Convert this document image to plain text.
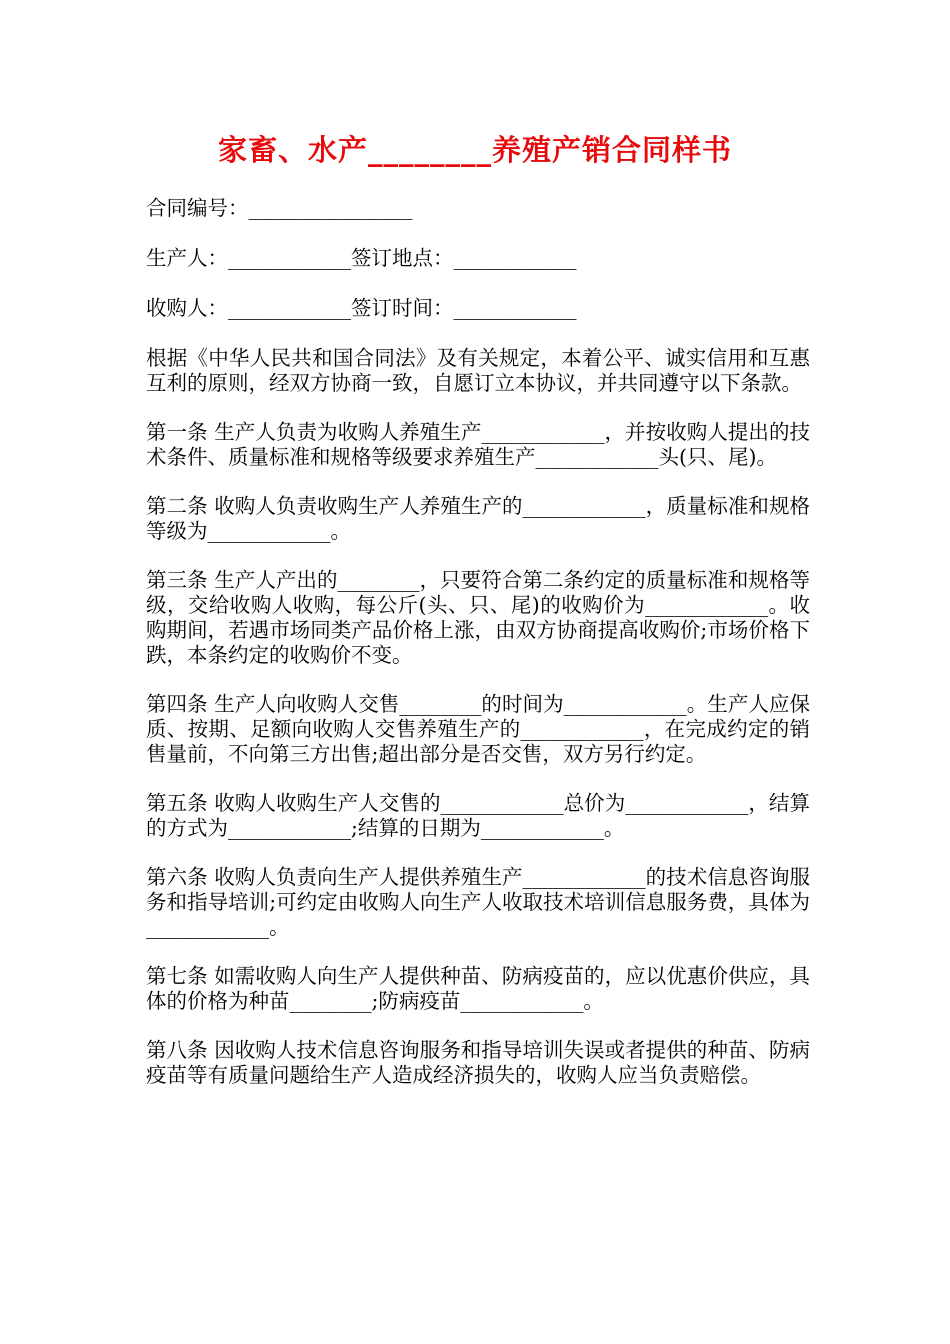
家畜、水产________养殖产销合同样书

合同编号：________________

生产人：____________签订地点：____________

收购人：____________签订时间：____________

根据《中华人民共和国合同法》及有关规定，本着公平、诚实信用和互惠互利的原则，经双方协商一致，自愿订立本协议，并共同遵守以下条款。

第一条 生产人负责为收购人养殖生产____________，并按收购人提出的技术条件、质量标准和规格等级要求养殖生产____________头(只、尾)。

第二条 收购人负责收购生产人养殖生产的____________，质量标准和规格等级为____________。

第三条 生产人产出的________，只要符合第二条约定的质量标准和规格等级，交给收购人收购，每公斤(头、只、尾)的收购价为____________。收购期间，若遇市场同类产品价格上涨，由双方协商提高收购价;市场价格下跌，本条约定的收购价不变。

第四条 生产人向收购人交售________的时间为____________。生产人应保质、按期、足额向收购人交售养殖生产的____________，在完成约定的销售量前，不向第三方出售;超出部分是否交售，双方另行约定。

第五条 收购人收购生产人交售的____________总价为____________，结算的方式为____________;结算的日期为____________。

第六条 收购人负责向生产人提供养殖生产____________的技术信息咨询服务和指导培训;可约定由收购人向生产人收取技术培训信息服务费，具体为____________。

第七条 如需收购人向生产人提供种苗、防病疫苗的，应以优惠价供应，具体的价格为种苗________;防病疫苗____________。

第八条 因收购人技术信息咨询服务和指导培训失误或者提供的种苗、防病疫苗等有质量问题给生产人造成经济损失的，收购人应当负责赔偿。
